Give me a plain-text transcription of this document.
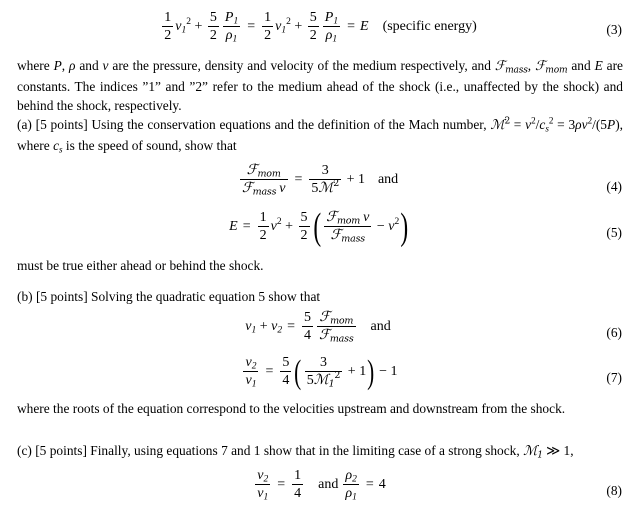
$\frac{1}{2} v_1^2 + \frac{5}{2} \frac{P_1}{\rho_1} = \frac{1}{2} v_1^2 + \frac{5}{2} \frac{P_1}{\rho_1} = E$ (specific energy)	(3)
where P, ρ and v are the pressure, density and velocity of the medium respectively, and ℱ$_{mass}$, ℱ$_{mom}$ and E are constants. The indices ”1” and ”2” refer to the medium ahead of the shock (i.e., unaffected by the shock) and behind the shock, respectively.
(a) [5 points] Using the conservation equations and the definition of the Mach number, ℳ$^2$ = $v^2/c_s^2 = 3\rho v^2/(5P)$, where $c_s$ is the speed of sound, show that
$\frac{ℱ_{mom}}{ℱ_{mass} v} = \frac{3}{5ℳ^2} + 1$ and	(4)
$E = \frac{1}{2} v^2 + \frac{5}{2}$ ( $\frac{ℱ_{mom} v}{ℱ_{mass}} - v^2$)	(5)
must be true either ahead or behind the shock.
(b) [5 points] Solving the quadratic equation 5 show that
$v_1 + v_2 = \frac{5}{4} \frac{ℱ_{mom}}{ℱ_{mass}}$ and	(6)
$\frac{v_2}{v_1} = \frac{5}{4}$ ( $\frac{3}{5ℳ_1^2} + 1) - 1$	(7)
where the roots of the equation correspond to the velocities upstream and downstream from the shock.
(c) [5 points] Finally, using equations 7 and 1 show that in the limiting case of a strong shock, ℳ$_1$ ≫ 1,
$\frac{v_2}{v_1} = \frac{1}{4}$ and $\frac{\rho_2}{\rho_1} = 4$	(8)
